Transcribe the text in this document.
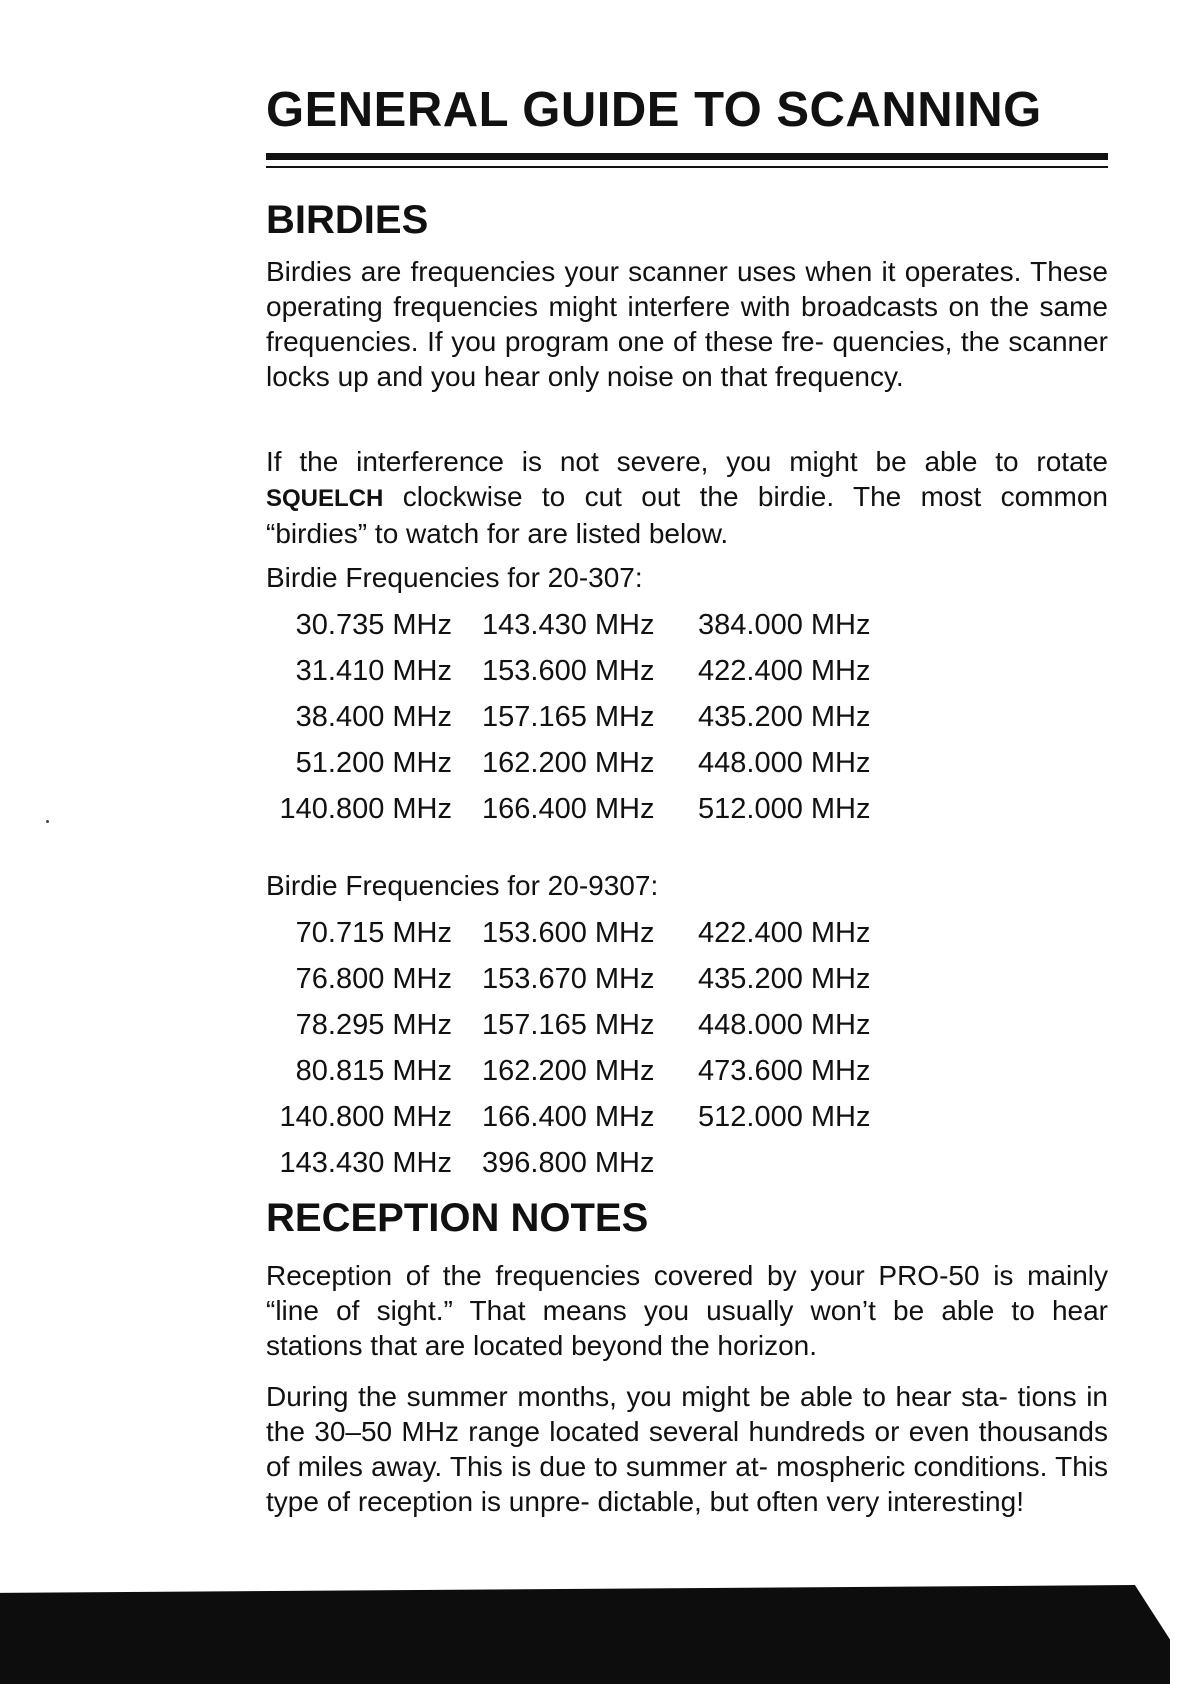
GENERAL GUIDE TO SCANNING
BIRDIES

Birdies are frequencies your scanner uses when it operates. These operating frequencies might interfere with broadcasts on the same frequencies. If you program one of these fre- quencies, the scanner locks up and you hear only noise on that frequency.

If the interference is not severe, you might be able to rotate SQUELCH clockwise to cut out the birdie. The most common “birdies” to watch for are listed below.

Birdie Frequencies for 20-307:

30.735 MHz	143.430 MHz	384.000 MHz
31.410 MHz	153.600 MHz	422.400 MHz
38.400 MHz	157.165 MHz	435.200 MHz
51.200 MHz	162.200 MHz	448.000 MHz
140.800 MHz	166.400 MHz	512.000 MHz

Birdie Frequencies for 20-9307:

70.715 MHz	153.600 MHz	422.400 MHz
76.800 MHz	153.670 MHz	435.200 MHz
78.295 MHz	157.165 MHz	448.000 MHz
80.815 MHz	162.200 MHz	473.600 MHz
140.800 MHz	166.400 MHz	512.000 MHz
143.430 MHz	396.800 MHz	
RECEPTION NOTES

Reception of the frequencies covered by your PRO-50 is mainly “line of sight.” That means you usually won’t be able to hear stations that are located beyond the horizon.

During the summer months, you might be able to hear sta- tions in the 30–50 MHz range located several hundreds or even thousands of miles away. This is due to summer at- mospheric conditions. This type of reception is unpre- dictable, but often very interesting!
